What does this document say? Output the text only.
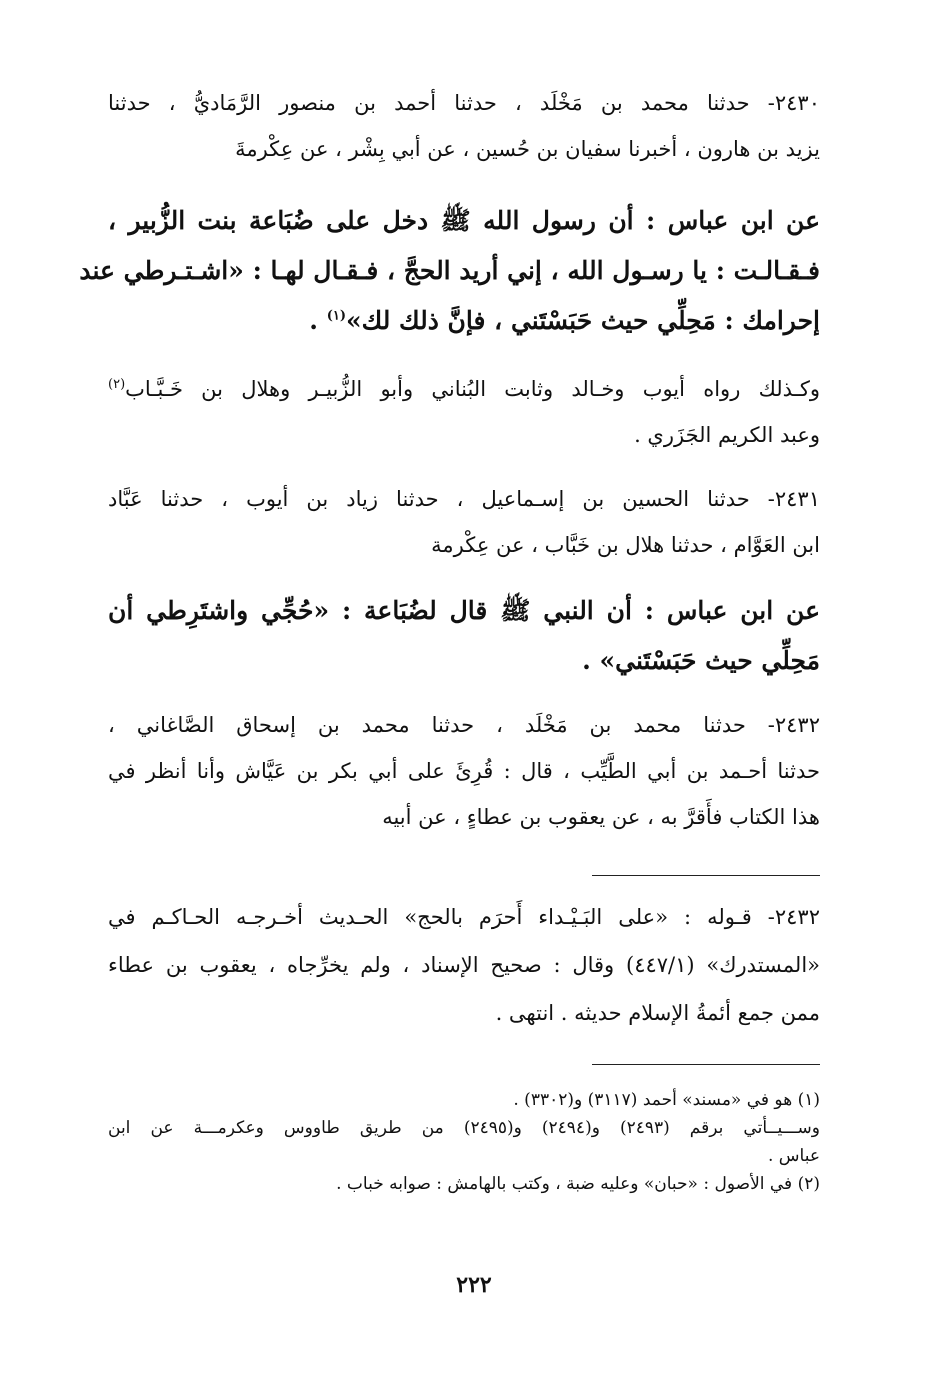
٢٤٣٠- حدثنا محمد بن مَخْلَد ، حدثنا أحمد بن منصور الرَّمَاديُّ ، حدثنا
يزيد بن هارون ، أخبرنا سفيان بن حُسين ، عن أبي بِشْر ، عن عِكْرمةَ
عن ابن عباس : أن رسول الله ﷺ دخل على ضُبَاعة بنت الزُّبير ،
فـقـالـت : يا رسـول الله ، إني أريد الحجَّ ، فـقـال لهـا : «اشـتـرطي عند
إحرامك : مَحِلِّي حيث حَبَسْتَني ، فإنَّ ذلك لك»$^{(١)}$ .
وكـذلك رواه أيوب وخـالد وثابت البُناني وأبو الزُّبيـر وهلال بن خَـبَّـاب$^{(٢)}$
وعبد الكريم الجَزَري .
٢٤٣١- حدثنا الحسين بن إسـماعيل ، حدثنا زياد بن أيوب ، حدثنا عَبَّاد
ابن العَوَّام ، حدثنا هلال بن خَبَّاب ، عن عِكْرمة
عن ابن عباس : أن النبي ﷺ قال لضُبَاعة : «حُجِّي واشتَرِطي أن
مَحِلِّي حيث حَبَسْتَني» .
٢٤٣٢- حدثنا محمد بن مَخْلَد ، حدثنا محمد بن إسحاق الصَّاغاني ،
حدثنا أحـمد بن أبي الطَّيِّب ، قال : قُرِئَ على أبي بكر بن عَيَّاش وأنا أنظر في
هذا الكتاب فأَقرَّ به ، عن يعقوب بن عطاءٍ ، عن أبيه
٢٤٣٢- قـوله : «على البَـيْـداء أَحرَم بالحج» الحـديث أخـرجـه الحـاكـم في
«المستدرك» (٤٤٧/١) وقال : صحيح الإسناد ، ولم يخرِّجاه ، يعقوب بن عطاء
ممن جمع أئمةُ الإسلام حديثه . انتهى .
(١) هو في «مسند» أحمد (٣١١٧) و(٣٣٠٢) .
وســـيــأتي برقم (٢٤٩٣) و(٢٤٩٤) و(٢٤٩٥) من طريق طاووس وعكرمـــة عن ابن
عباس .
(٢) في الأصول : «حبان» وعليه ضبة ، وكتب بالهامش : صوابه خباب .
٢٢٢
